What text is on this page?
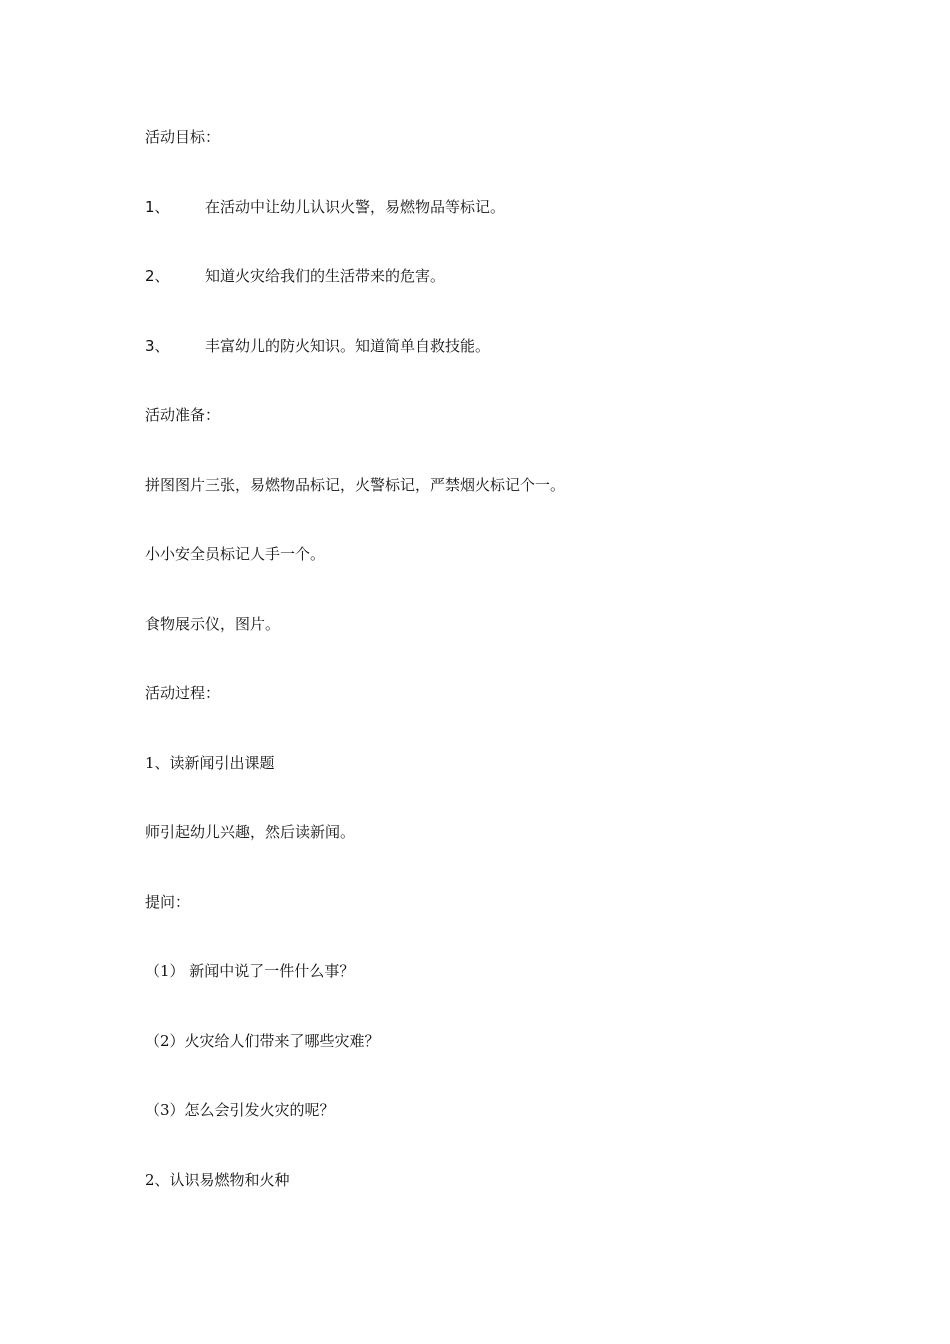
活动目标：
1、 在活动中让幼儿认识火警，易燃物品等标记。
2、 知道火灾给我们的生活带来的危害。
3、 丰富幼儿的防火知识。知道简单自救技能。
活动准备：
拼图图片三张，易燃物品标记，火警标记，严禁烟火标记个一。
小小安全员标记人手一个。
食物展示仪，图片。
活动过程：
1、读新闻引出课题
师引起幼儿兴趣，然后读新闻。
提问：
（1） 新闻中说了一件什么事？
（2）火灾给人们带来了哪些灾难？
（3）怎么会引发火灾的呢？
2、认识易燃物和火种
